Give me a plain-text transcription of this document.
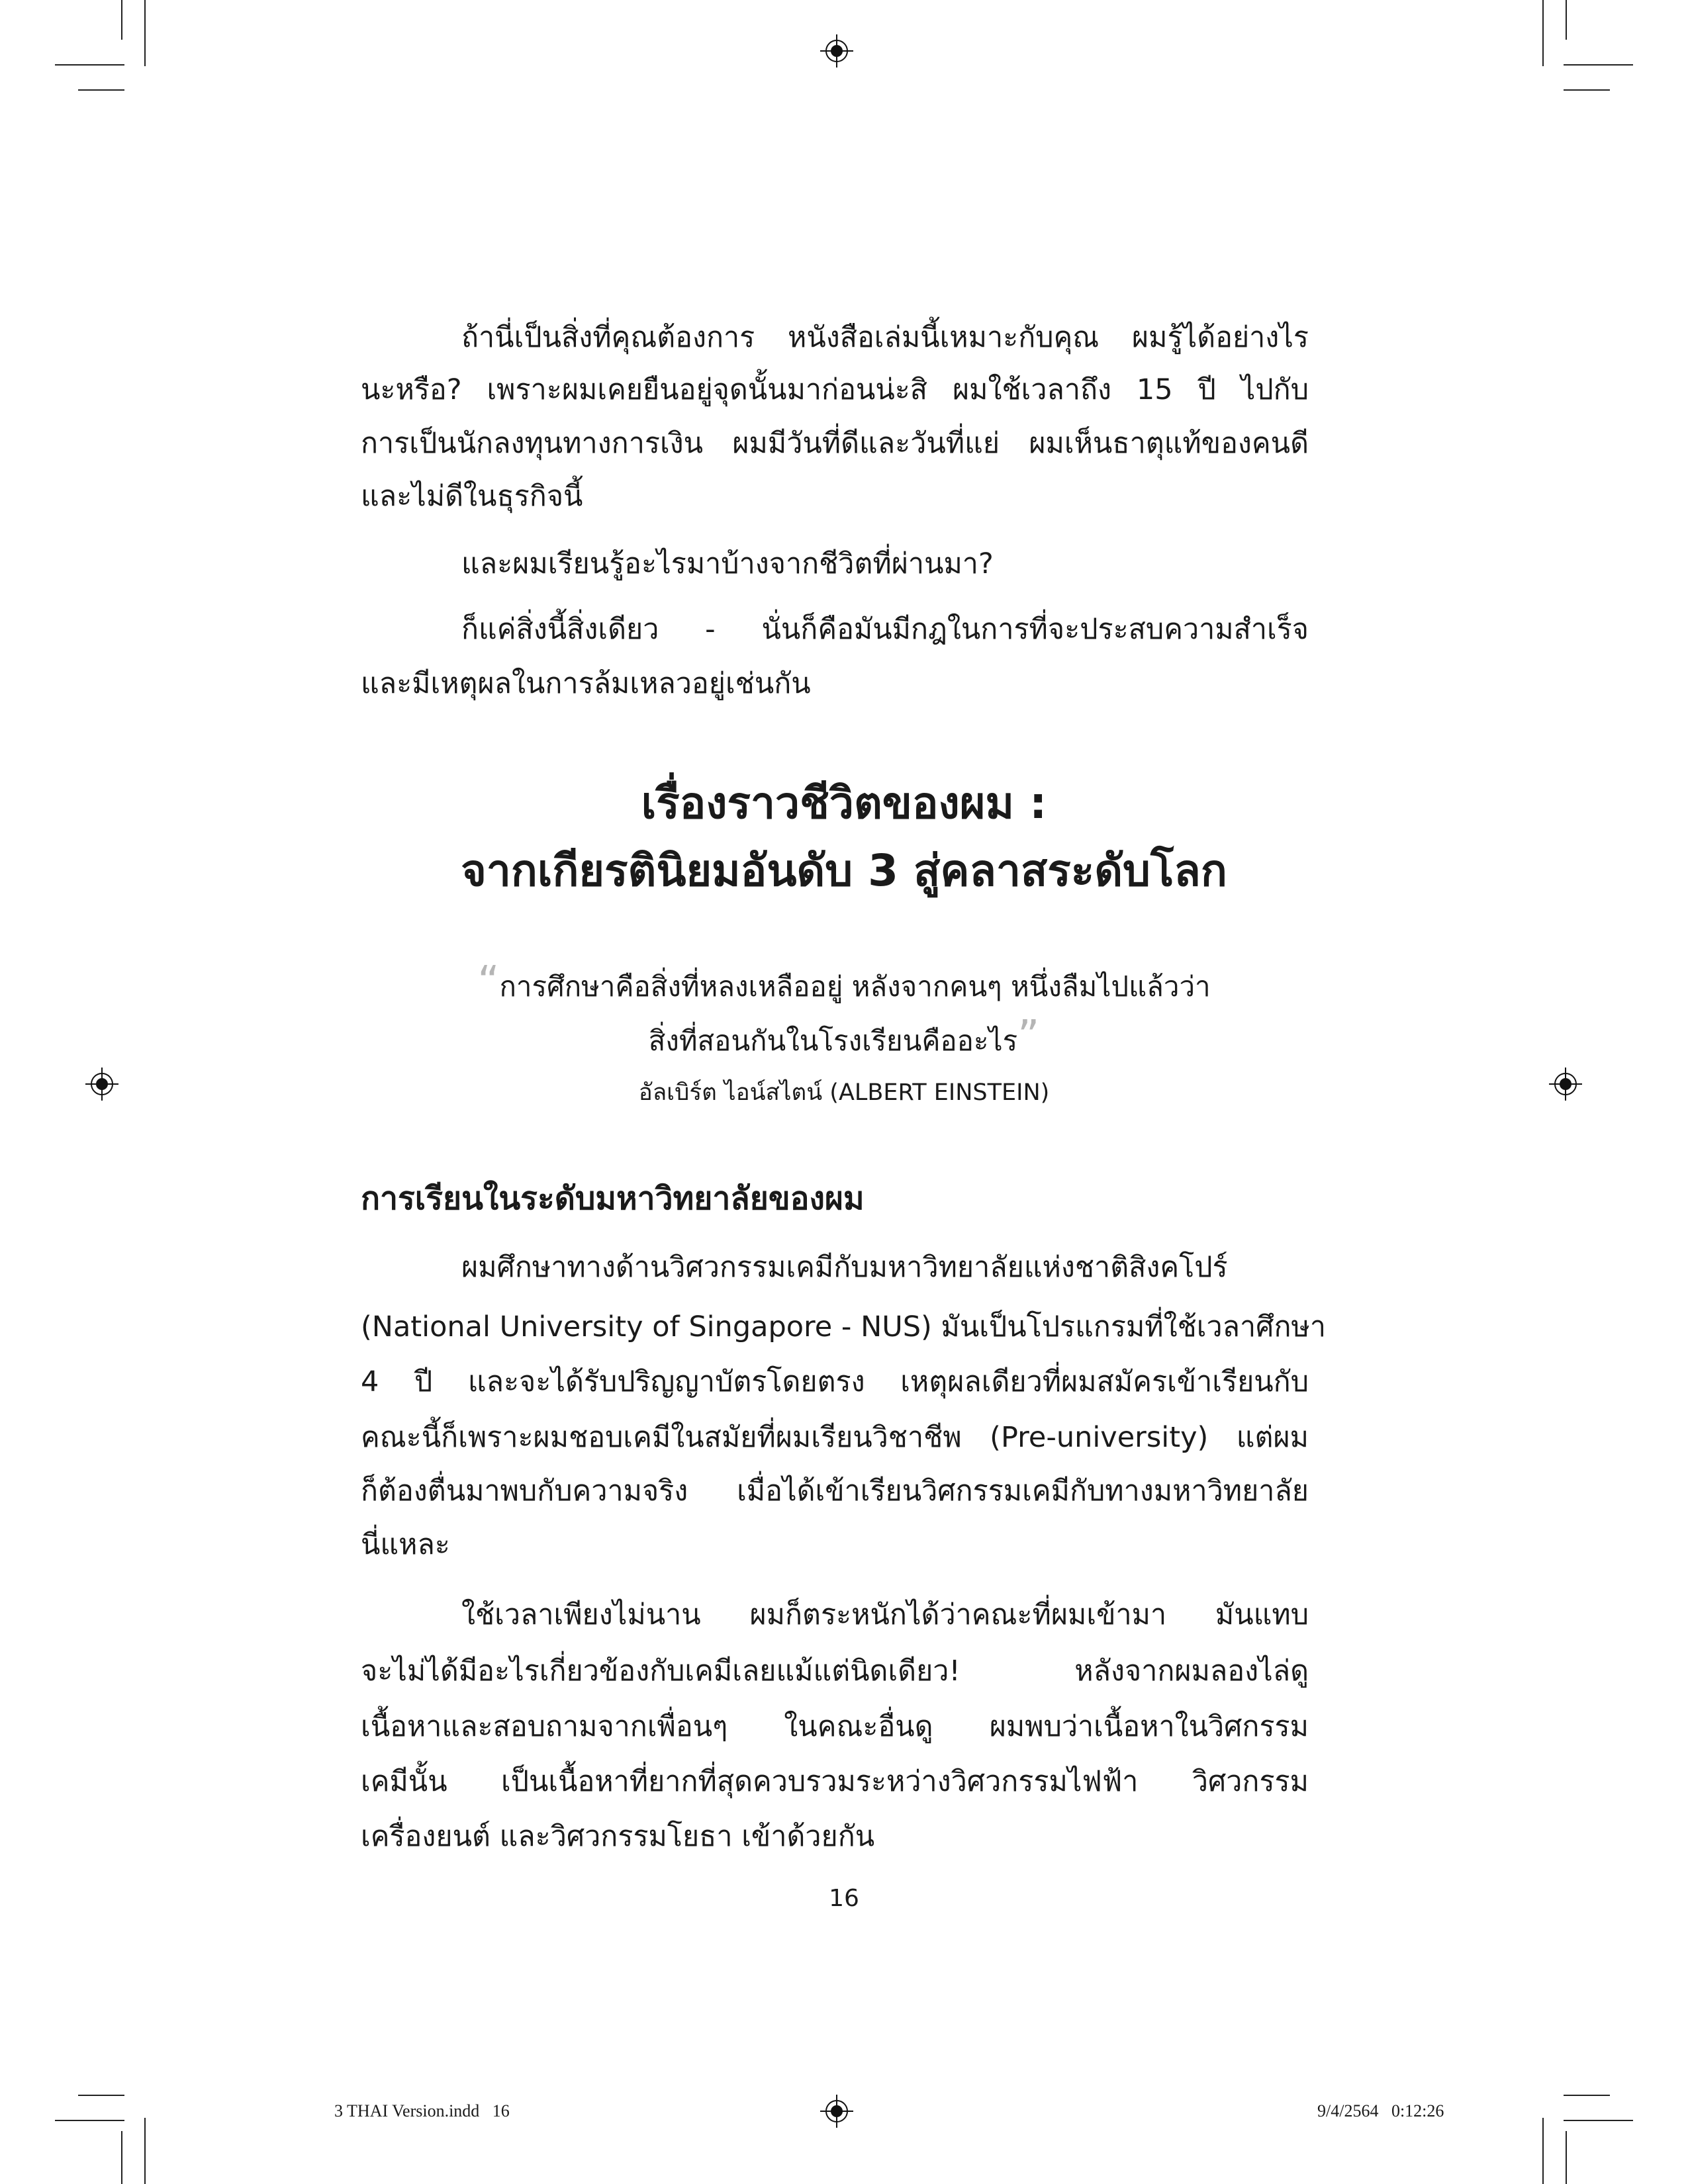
ถ้านี่เป็นสิ่งที่คุณต้องการ หนังสือเล่มนี้เหมาะกับคุณ ผมรู้ได้อย่างไร
นะหรือ? เพราะผมเคยยืนอยู่จุดนั้นมาก่อนน่ะสิ ผมใช้เวลาถึง 15 ปี ไปกับ
การเป็นนักลงทุนทางการเงิน ผมมีวันที่ดีและวันที่แย่ ผมเห็นธาตุแท้ของคนดี
และไม่ดีในธุรกิจนี้
และผมเรียนรู้อะไรมาบ้างจากชีวิตที่ผ่านมา?
ก็แค่สิ่งนี้สิ่งเดียว - นั่นก็คือมันมีกฎในการที่จะประสบความสำเร็จ
และมีเหตุผลในการล้มเหลวอยู่เช่นกัน
เรื่องราวชีวิตของผม :
จากเกียรตินิยมอันดับ 3 สู่คลาสระดับโลก
“การศึกษาคือสิ่งที่หลงเหลืออยู่ หลังจากคนๆ หนึ่งลืมไปแล้วว่า
สิ่งที่สอนกันในโรงเรียนคืออะไร”
อัลเบิร์ต ไอน์สไตน์ (ALBERT EINSTEIN)
การเรียนในระดับมหาวิทยาลัยของผม
ผมศึกษาทางด้านวิศวกรรมเคมีกับมหาวิทยาลัยแห่งชาติสิงคโปร์
(National University of Singapore - NUS) มันเป็นโปรแกรมที่ใช้เวลาศึกษา
4 ปี และจะได้รับปริญญาบัตรโดยตรง เหตุผลเดียวที่ผมสมัครเข้าเรียนกับ
คณะนี้ก็เพราะผมชอบเคมีในสมัยที่ผมเรียนวิชาชีพ (Pre-university) แต่ผม
ก็ต้องตื่นมาพบกับความจริง เมื่อได้เข้าเรียนวิศกรรมเคมีกับทางมหาวิทยาลัย
นี่แหละ
ใช้เวลาเพียงไม่นาน ผมก็ตระหนักได้ว่าคณะที่ผมเข้ามา มันแทบ
จะไม่ได้มีอะไรเกี่ยวข้องกับเคมีเลยแม้แต่นิดเดียว! หลังจากผมลองไล่ดู
เนื้อหาและสอบถามจากเพื่อนๆ ในคณะอื่นดู ผมพบว่าเนื้อหาในวิศกรรม
เคมีนั้น เป็นเนื้อหาที่ยากที่สุดควบรวมระหว่างวิศวกรรมไฟฟ้า วิศวกรรม
เครื่องยนต์ และวิศวกรรมโยธา เข้าด้วยกัน
16
3 THAI Version.indd   16	9/4/2564   0:12:26
